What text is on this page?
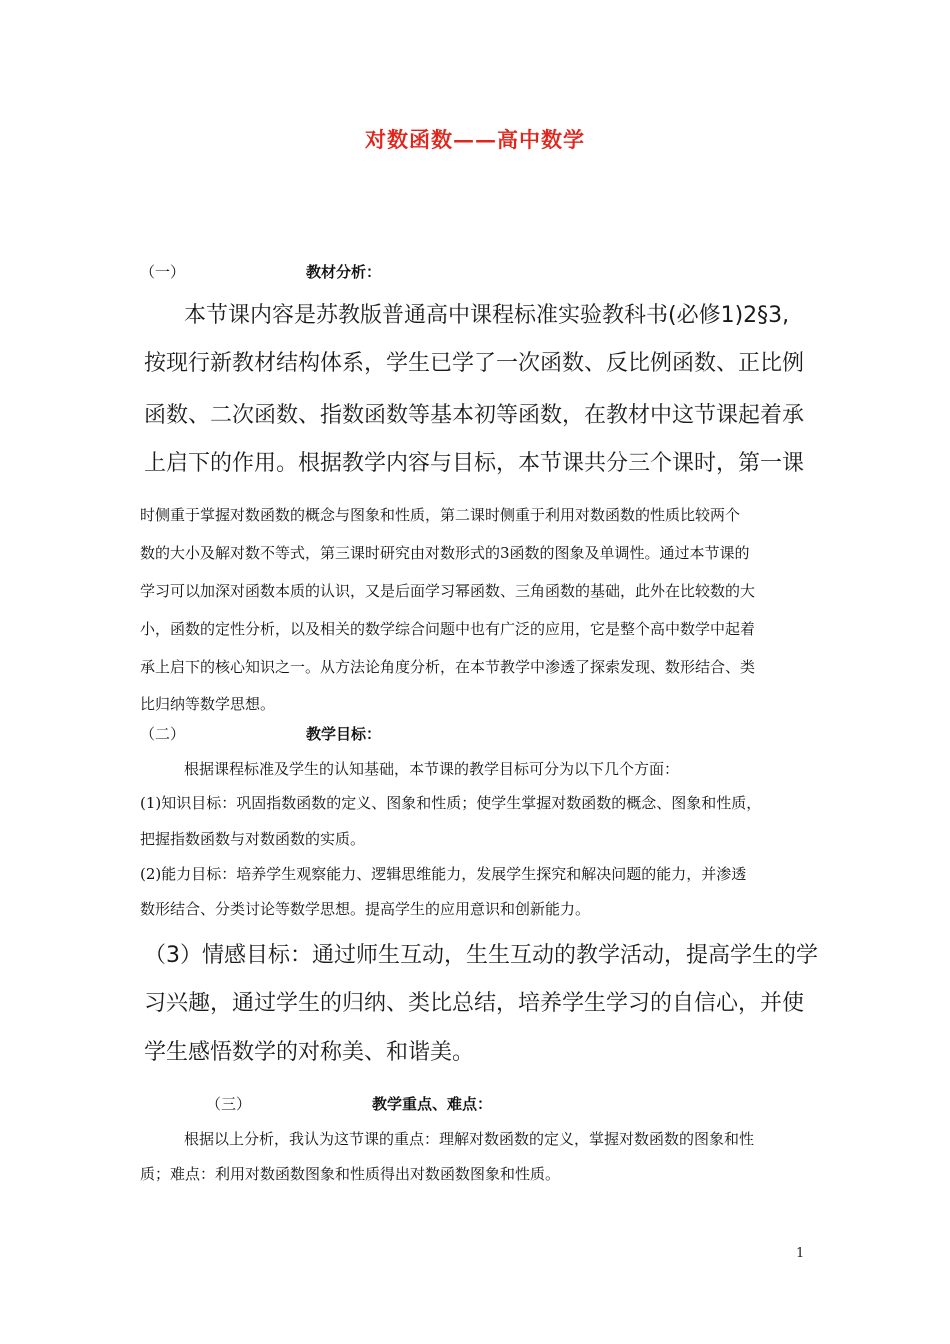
对数函数——高中数学
（一）	教材分析：
本节课内容是苏教版普通高中课程标准实验教科书(必修1)2§3,
按现行新教材结构体系，学生已学了一次函数、反比例函数、正比例
函数、二次函数、指数函数等基本初等函数，在教材中这节课起着承
上启下的作用。根据教学内容与目标，本节课共分三个课时，第一课
时侧重于掌握对数函数的概念与图象和性质，第二课时侧重于利用对数函数的性质比较两个
数的大小及解对数不等式，第三课时研究由对数形式的3函数的图象及单调性。通过本节课的
学习可以加深对函数本质的认识，又是后面学习幂函数、三角函数的基础，此外在比较数的大
小，函数的定性分析，以及相关的数学综合问题中也有广泛的应用，它是整个高中数学中起着
承上启下的核心知识之一。从方法论角度分析，在本节教学中渗透了探索发现、数形结合、类
比归纳等数学思想。
（二）	教学目标：
根据课程标准及学生的认知基础，本节课的教学目标可分为以下几个方面：
(1)知识目标：巩固指数函数的定义、图象和性质；使学生掌握对数函数的概念、图象和性质，
把握指数函数与对数函数的实质。
(2)能力目标：培养学生观察能力、逻辑思维能力，发展学生探究和解决问题的能力，并渗透
数形结合、分类讨论等数学思想。提高学生的应用意识和创新能力。
（3）情感目标：通过师生互动，生生互动的教学活动，提高学生的学
习兴趣，通过学生的归纳、类比总结，培养学生学习的自信心，并使
学生感悟数学的对称美、和谐美。
（三）	教学重点、难点：
根据以上分析，我认为这节课的重点：理解对数函数的定义，掌握对数函数的图象和性
质；难点：利用对数函数图象和性质得出对数函数图象和性质。
1
